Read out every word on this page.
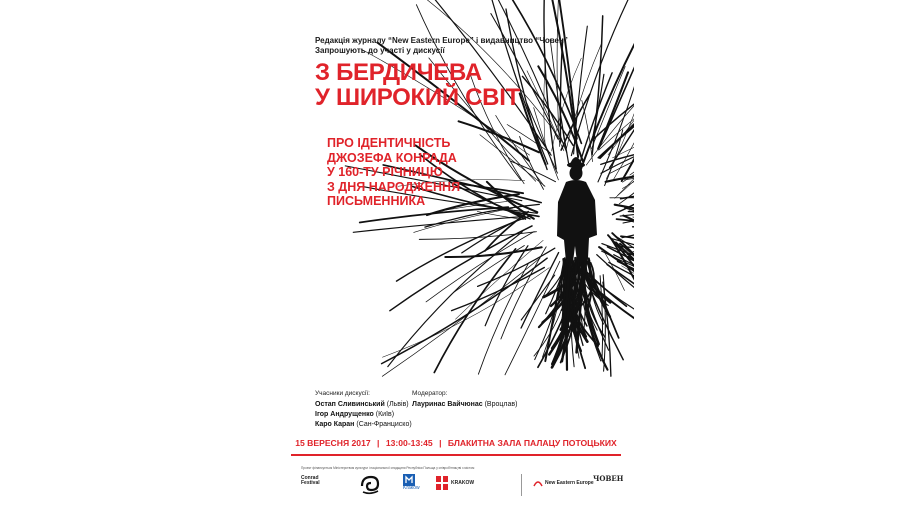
Редакція журналу “New Eastern Europe” і видавництво “Човен”
Запрошують до участі у дискусії
З БЕРДИЧЕВА
У ШИРОКИЙ СВІТ
ПРО ІДЕНТИЧНІСТЬ
ДЖОЗЕФА КОНРАДА
У 160-ТУ РІЧНИЦЮ
З ДНЯ НАРОДЖЕННЯ
ПИСЬМЕННИКА
Учасники дискусії:
Остап Сливинський (Львів)
Ігор Андрущенко (Київ)
Каро Каран (Сан-Франциско)
Модератор:
Лауринас Вайчюнас (Вроцлав)
15 ВЕРЕСНЯ 2017 | 13:00-13:45 | БЛАКИТНА ЗАЛА ПАЛАЦУ ПОТОЦЬКИХ
Проект фінансується Міністерством культури і національної спадщини Республіки Польща у співробітництві з містом
Conrad Festival
Kraków
KRAKOW	New Eastern Europe ЧОВЕН
